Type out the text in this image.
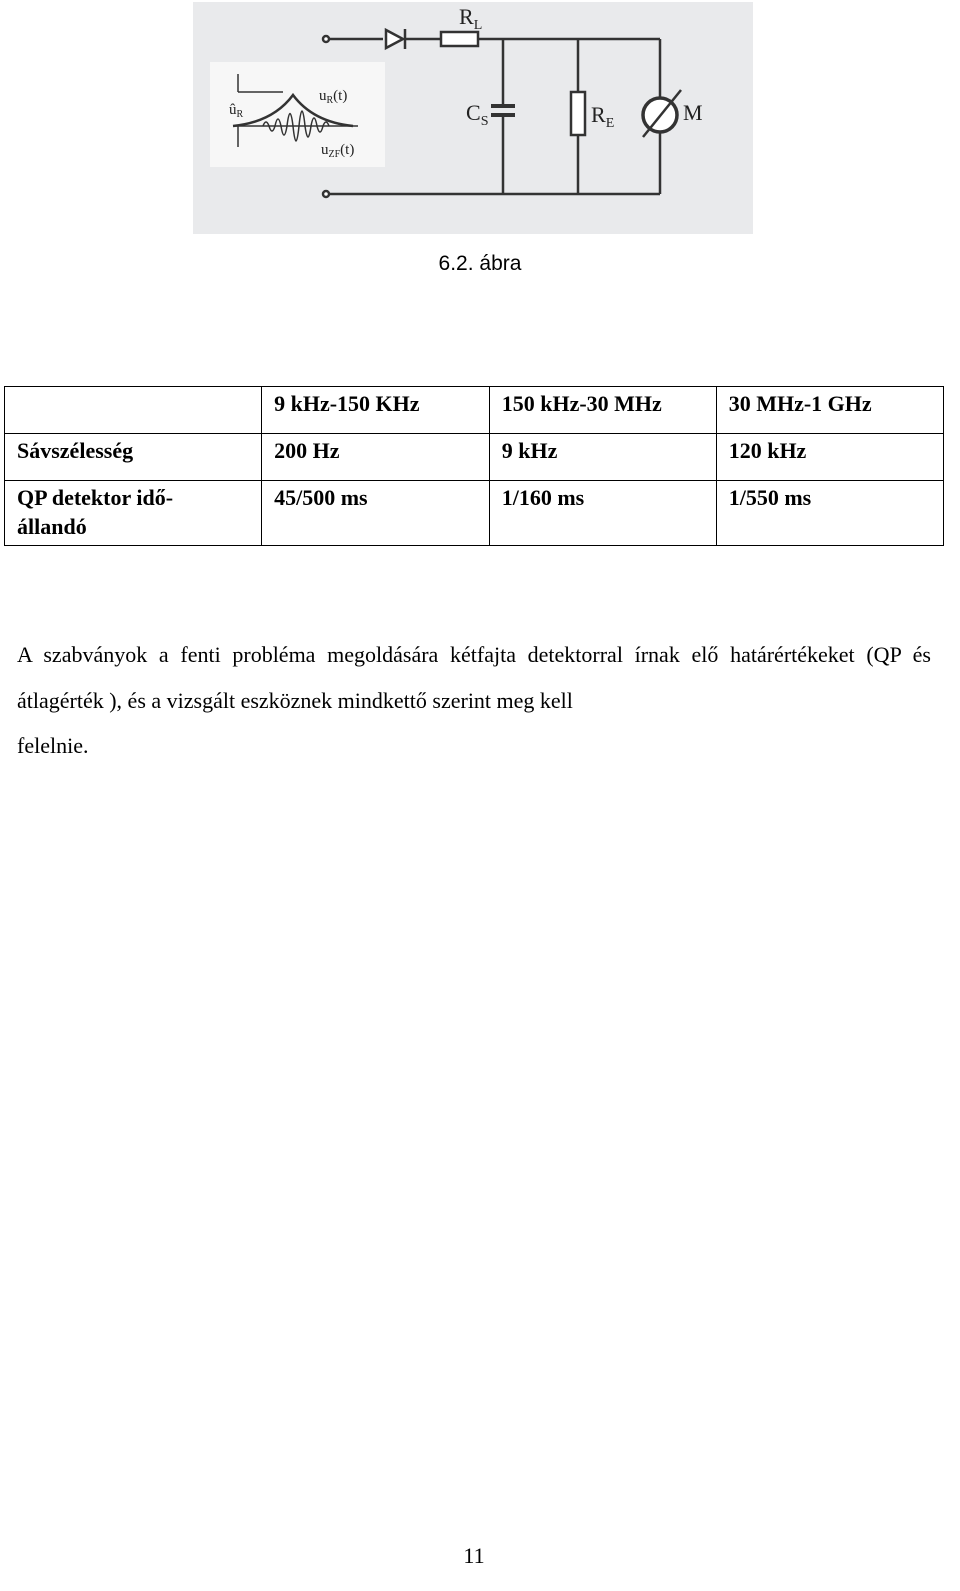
$R_L$
$C_S$	$R_E$	M
$û_R$
$u_R(t)$
$u_{ZF}(t)$
6.2. ábra
	9 kHz-150 KHz	150 kHz-30 MHz	30 MHz-1 GHz
Sávszélesség	200 Hz	9 kHz	120 kHz
QP detektor idő-állandó	45/500 ms	1/160 ms	1/550 ms
A szabványok a fenti probléma megoldására kétfajta detektorral írnak elő határértékeket (QP és átlagérték ), és a vizsgált eszköznek mindkettő szerint meg kell
felelnie.
11
